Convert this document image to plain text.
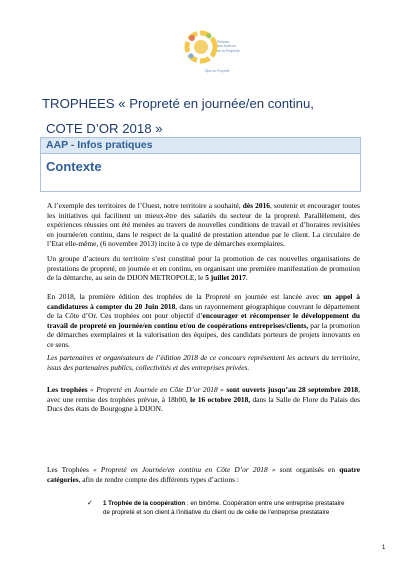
Réseau
des Acteurs
de la Propreté
Dijon en Propreté
TROPHEES « Propreté en journée/en continu,
COTE D’OR 2018 »
AAP - Infos pratiques
Contexte
A l’exemple des territoires de l’Ouest, notre territoire a souhaité, dès 2016, soutenir et encourager toutes les initiatives qui facilitent un mieux-être des salariés du secteur de la propreté. Parallèlement, des expériences réussies ont été menées au travers de nouvelles conditions de travail et d’horaires revisitées en journée/en continu, dans le respect de la qualité de prestation attendue par le client. La circulaire de l’Etat elle-même, (6 novembre 2013) incite à ce type de démarches exemplaires.
Un groupe d’acteurs du territoire s’est constitué pour la promotion de ces nouvelles organisations de prestations de propreté, en journée et en continu, en organisant une première manifestation de promotion de la démarche, au sein de DIJON METROPOLE, le 5 juillet 2017.
En 2018, la première édition des trophées de la Propreté en journée est lancée avec un appel à candidatures à compter du 20 Juin 2018, dans un rayonnement géographique couvrant le département de la Côte d’Or. Ces trophées ont pour objectif d’encourager et récompenser le développement du travail de propreté en journée/en continu et/ou de coopérations entreprises/clients, par la promotion de démarches exemplaires et la valorisation des équipes, des candidats porteurs de projets innovants en ce sens.
Les partenaires et organisateurs de l’édition 2018 de ce concours représentent les acteurs du territoire, issus des partenaires publics, collectivités et des entreprises privées.
Les trophées « Propreté en Journée en Côte D’or 2018 » sont ouverts jusqu’au 28 septembre 2018, avec une remise des trophées prévue, à 18h00, le 16 octobre 2018, dans la Salle de Flore du Palais des Ducs des états de Bourgogne à DIJON.
Les Trophées « Propreté en Journée/en continu en Côte D’or 2018 » sont organisés en quatre catégories, afin de rendre compte des différents types d’actions :
✓ 1 Trophée de la coopération : en binôme. Coopération entre une entreprise prestataire de propreté et son client à l’initiative du client ou de celle de l’entreprise prestataire
1
